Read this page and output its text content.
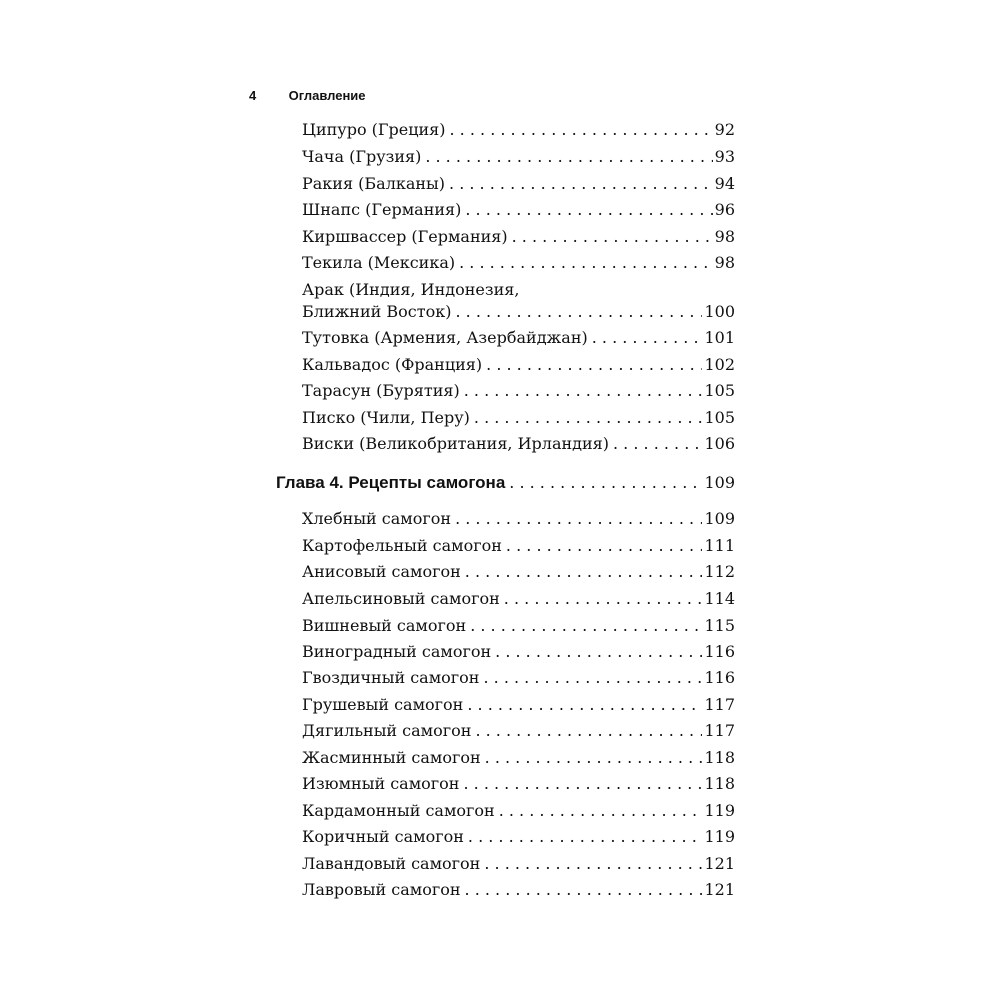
4 Оглавление
Ципуро (Греция) . . .	92
Чача (Грузия) . . .	93
Ракия (Балканы) . . .	94
Шнапс (Германия) . . .	96
Киршвассер (Германия) . . .	98
Текила (Мексика) . . .	98
Арак (Индия, Индонезия,
Ближний Восток) . . .	100
Тутовка (Армения, Азербайджан) . . .	101
Кальвадос (Франция) . . .	102
Тарасун (Бурятия) . . .	105
Писко (Чили, Перу) . . .	105
Виски (Великобритания, Ирландия) . . .	106
Глава 4. Рецепты самогона . . .	109
Хлебный самогон . . .	109
Картофельный самогон . . .	111
Анисовый самогон . . .	112
Апельсиновый самогон . . .	114
Вишневый самогон . . .	115
Виноградный самогон . . .	116
Гвоздичный самогон . . .	116
Грушевый самогон . . .	117
Дягильный самогон . . .	117
Жасминный самогон . . .	118
Изюмный самогон . . .	118
Кардамонный самогон . . .	119
Коричный самогон . . .	119
Лавандовый самогон . . .	121
Лавровый самогон . . .	121
